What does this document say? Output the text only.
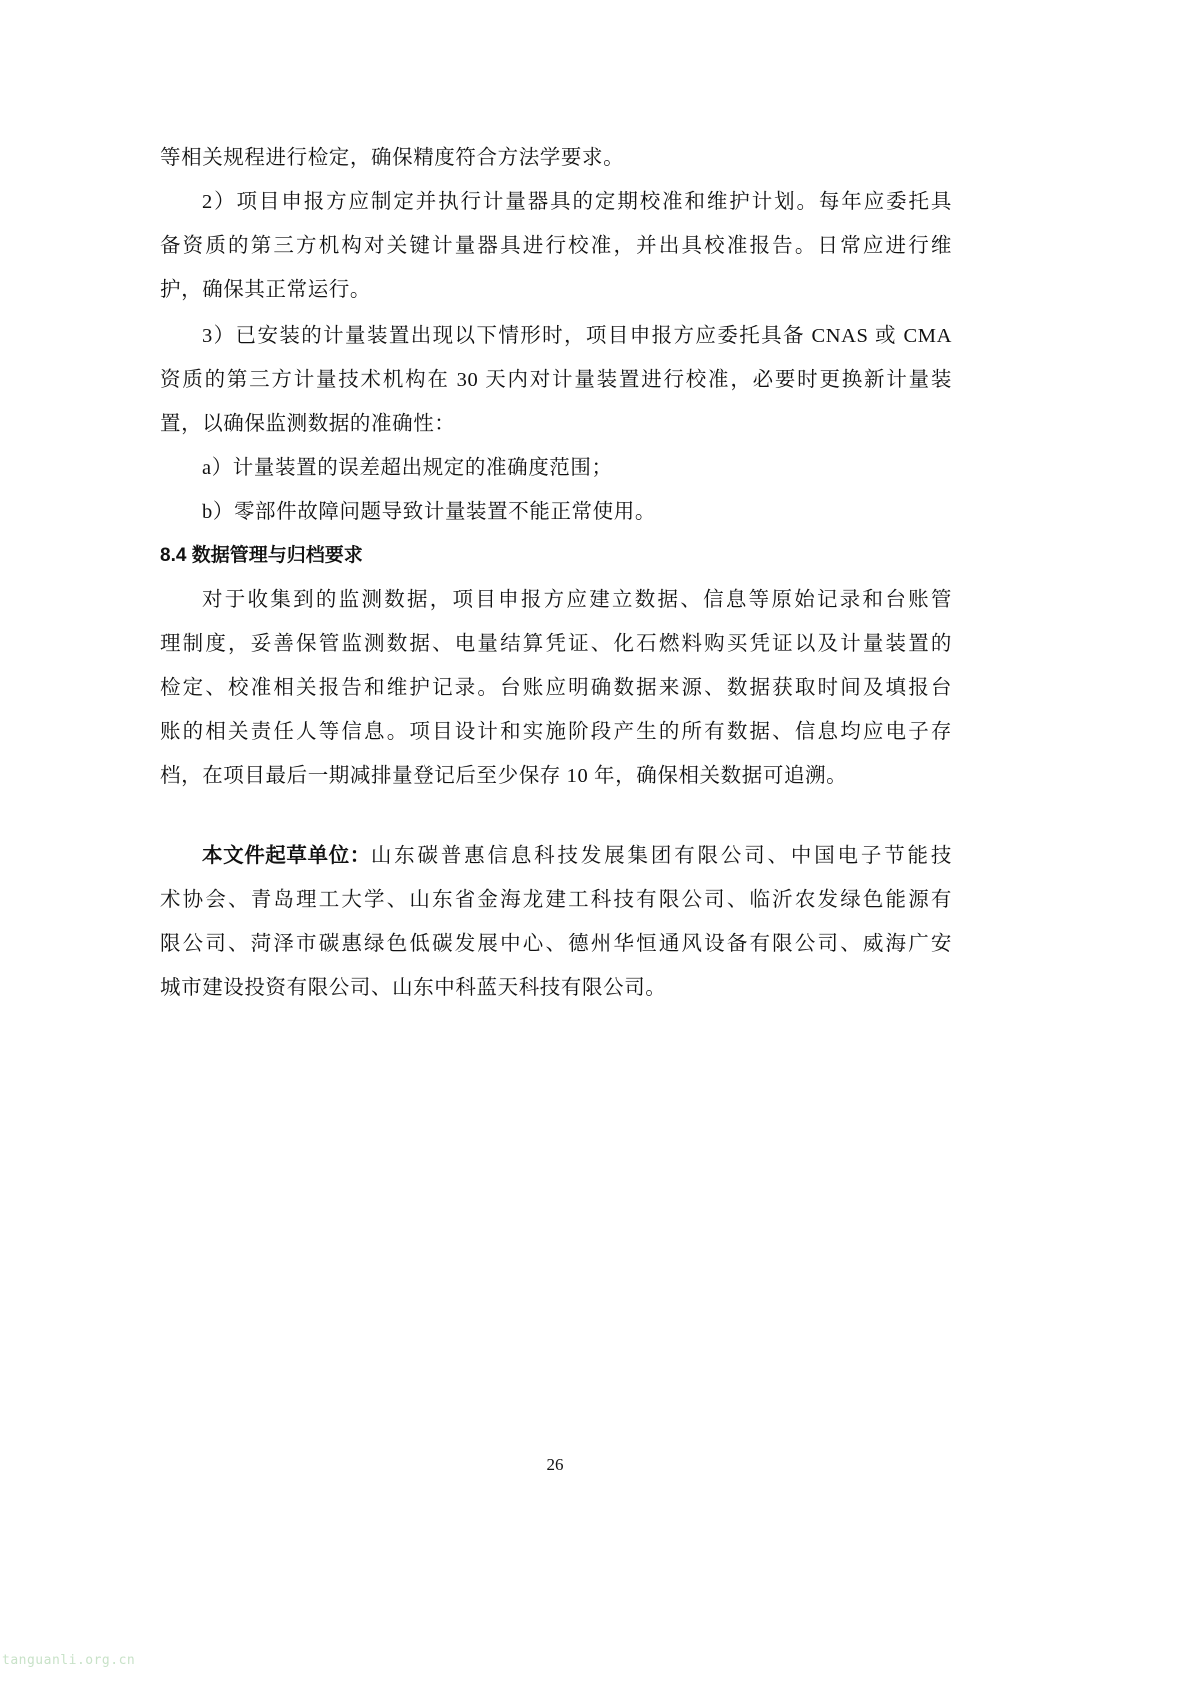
等相关规程进行检定，确保精度符合方法学要求。
2）项目申报方应制定并执行计量器具的定期校准和维护计划。每年应委托具
备资质的第三方机构对关键计量器具进行校准，并出具校准报告。日常应进行维
护，确保其正常运行。
3）已安装的计量装置出现以下情形时，项目申报方应委托具备 CNAS 或 CMA
资质的第三方计量技术机构在 30 天内对计量装置进行校准，必要时更换新计量装
置，以确保监测数据的准确性：
a）计量装置的误差超出规定的准确度范围；
b）零部件故障问题导致计量装置不能正常使用。
8.4 数据管理与归档要求
对于收集到的监测数据，项目申报方应建立数据、信息等原始记录和台账管
理制度，妥善保管监测数据、电量结算凭证、化石燃料购买凭证以及计量装置的
检定、校准相关报告和维护记录。台账应明确数据来源、数据获取时间及填报台
账的相关责任人等信息。项目设计和实施阶段产生的所有数据、信息均应电子存
档，在项目最后一期减排量登记后至少保存 10 年，确保相关数据可追溯。
本文件起草单位： 山东碳普惠信息科技发展集团有限公司、中国电子节能技
术协会、青岛理工大学、山东省金海龙建工科技有限公司、临沂农发绿色能源有
限公司、菏泽市碳惠绿色低碳发展中心、德州华恒通风设备有限公司、威海广安
城市建设投资有限公司、山东中科蓝天科技有限公司。
26
tanguanli.org.cn
